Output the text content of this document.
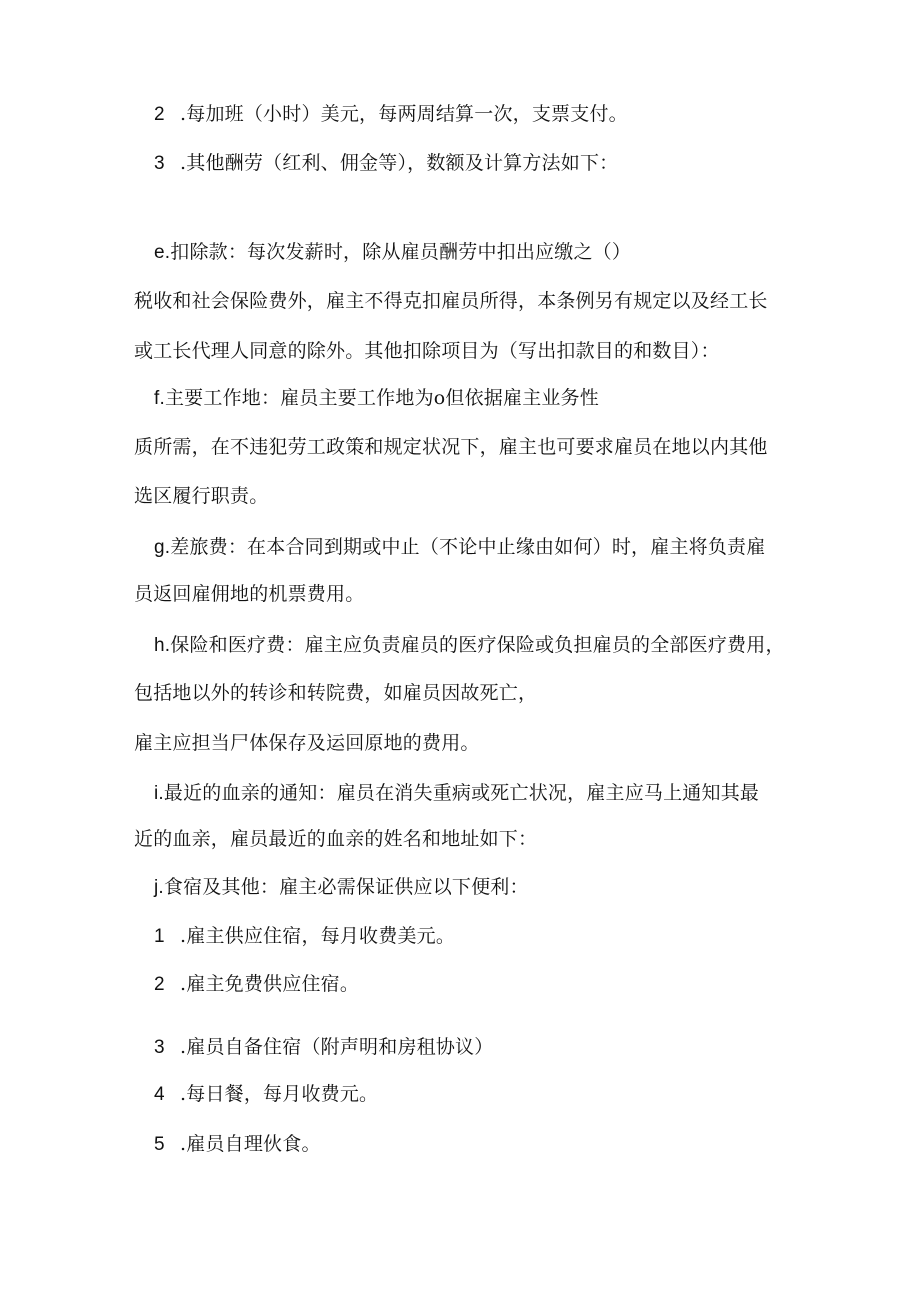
2 .每加班（小时）美元，每两周结算一次，支票支付。
3 .其他酬劳（红利、佣金等），数额及计算方法如下：
e.扣除款：每次发薪时，除从雇员酬劳中扣出应缴之（）
税收和社会保险费外，雇主不得克扣雇员所得，本条例另有规定以及经工长
或工长代理人同意的除外。其他扣除项目为（写出扣款目的和数目）：
f.主要工作地：雇员主要工作地为o但依据雇主业务性
质所需，在不违犯劳工政策和规定状况下，雇主也可要求雇员在地以内其他
选区履行职责。
g.差旅费：在本合同到期或中止（不论中止缘由如何）时，雇主将负责雇
员返回雇佣地的机票费用。
h.保险和医疗费：雇主应负责雇员的医疗保险或负担雇员的全部医疗费用，
包括地以外的转诊和转院费，如雇员因故死亡，
雇主应担当尸体保存及运回原地的费用。
i.最近的血亲的通知：雇员在消失重病或死亡状况，雇主应马上通知其最
近的血亲，雇员最近的血亲的姓名和地址如下：
j.食宿及其他：雇主必需保证供应以下便利：
1 .雇主供应住宿，每月收费美元。
2 .雇主免费供应住宿。
3 .雇员自备住宿（附声明和房租协议）
4 .每日餐，每月收费元。
5 .雇员自理伙食。
